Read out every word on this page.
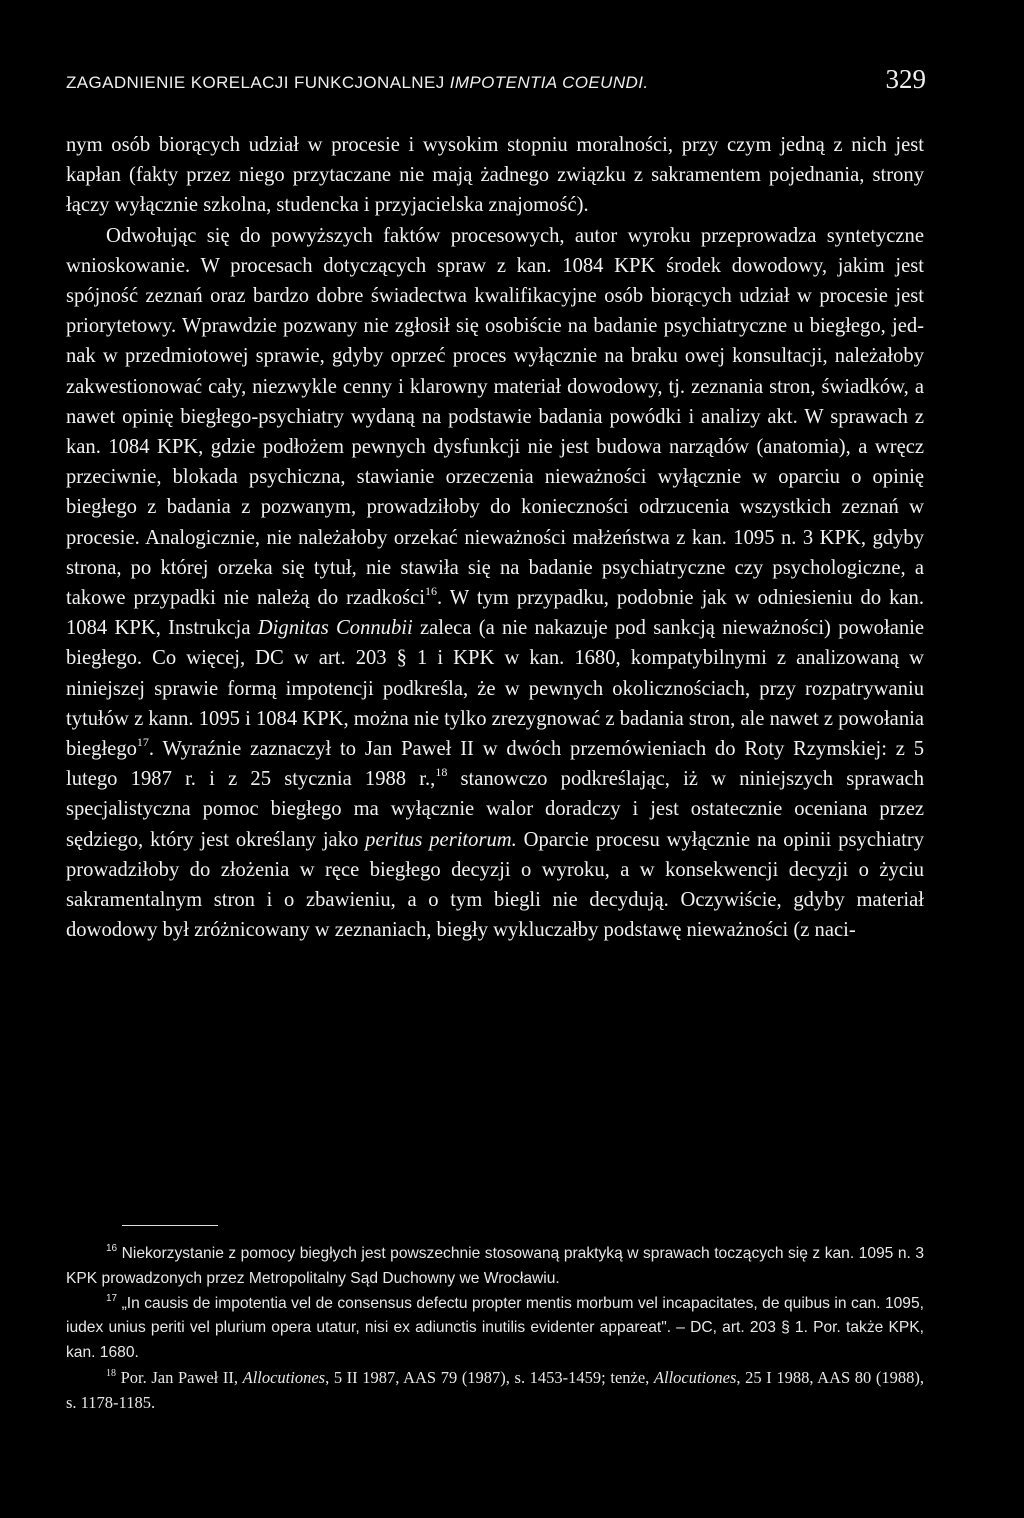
ZAGADNIENIE KORELACJI FUNKCJONALNEJ IMPOTENTIA COEUNDI.	329

nym osób biorących udział w procesie i wysokim stopniu moralności, przy czym jedną z nich jest kapłan (fakty przez niego przytaczane nie mają żadnego związku z sakramentem pojednania, strony łączy wyłącznie szkolna, studencka i przyjacielska znajomość).

Odwołując się do powyższych faktów procesowych, autor wyroku przeprowadza syntetyczne wnioskowanie. W procesach dotyczących spraw z kan. 1084 KPK środek dowodowy, jakim jest spójność zeznań oraz bardzo dobre świadectwa kwalifikacyjne osób biorących udział w procesie jest priorytetowy. Wprawdzie pozwany nie zgłosił się osobiście na badanie psychiatryczne u biegłego, jednak w przedmiotowej sprawie, gdyby oprzeć proces wyłącznie na braku owej konsultacji, należałoby zakwestionować cały, niezwykle cenny i klarowny materiał dowodowy, tj. zeznania stron, świadków, a nawet opinię biegłego-psychiatry wydaną na podstawie badania powódki i analizy akt. W sprawach z kan. 1084 KPK, gdzie podłożem pewnych dysfunkcji nie jest budowa narządów (anatomia), a wręcz przeciwnie, blokada psychiczna, stawianie orzeczenia nieważności wyłącznie w oparciu o opinię biegłego z badania z pozwanym, prowadziłoby do konieczności odrzucenia wszystkich zeznań w procesie. Analogicznie, nie należałoby orzekać nieważności małżeństwa z kan. 1095 n. 3 KPK, gdyby strona, po której orzeka się tytuł, nie stawiła się na badanie psychiatryczne czy psychologiczne, a takowe przypadki nie należą do rzadkości$^{16}$. W tym przypadku, podobnie jak w odniesieniu do kan. 1084 KPK, Instrukcja Dignitas Connubii zaleca (a nie nakazuje pod sankcją nieważności) powołanie biegłego. Co więcej, DC w art. 203 § 1 i KPK w kan. 1680, kompatybilnymi z analizowaną w niniejszej sprawie formą impotencji podkreśla, że w pewnych okolicznościach, przy rozpatrywaniu tytułów z kann. 1095 i 1084 KPK, można nie tylko zrezygnować z badania stron, ale nawet z powołania biegłego$^{17}$. Wyraźnie zaznaczył to Jan Paweł II w dwóch przemówieniach do Roty Rzymskiej: z 5 lutego 1987 r. i z 25 stycznia 1988 r.,$^{18}$ stanowczo podkreślając, iż w niniejszych sprawach specjalistyczna pomoc biegłego ma wyłącznie walor doradczy i jest ostatecznie oceniana przez sędziego, który jest określany jako peritus peritorum. Oparcie procesu wyłącznie na opinii psychiatry prowadziłoby do złożenia w ręce biegłego decyzji o wyroku, a w konsekwencji decyzji o życiu sakramentalnym stron i o zbawieniu, a o tym biegli nie decydują. Oczywiście, gdyby materiał dowodowy był zróżnicowany w zeznaniach, biegły wykluczałby podstawę nieważności (z naci-

$^{16}$ Niekorzystanie z pomocy biegłych jest powszechnie stosowaną praktyką w sprawach toczących się z kan. 1095 n. 3 KPK prowadzonych przez Metropolitalny Sąd Duchowny we Wrocławiu.

$^{17}$ „In causis de impotentia vel de consensus defectu propter mentis morbum vel incapacitates, de quibus in can. 1095, iudex unius periti vel plurium opera utatur, nisi ex adiunctis inutilis evidenter appareat". – DC, art. 203 § 1. Por. także KPK, kan. 1680.

$^{18}$ Por. Jan Paweł II, Allocutiones, 5 II 1987, AAS 79 (1987), s. 1453-1459; tenże, Allocutiones, 25 I 1988, AAS 80 (1988), s. 1178-1185.
